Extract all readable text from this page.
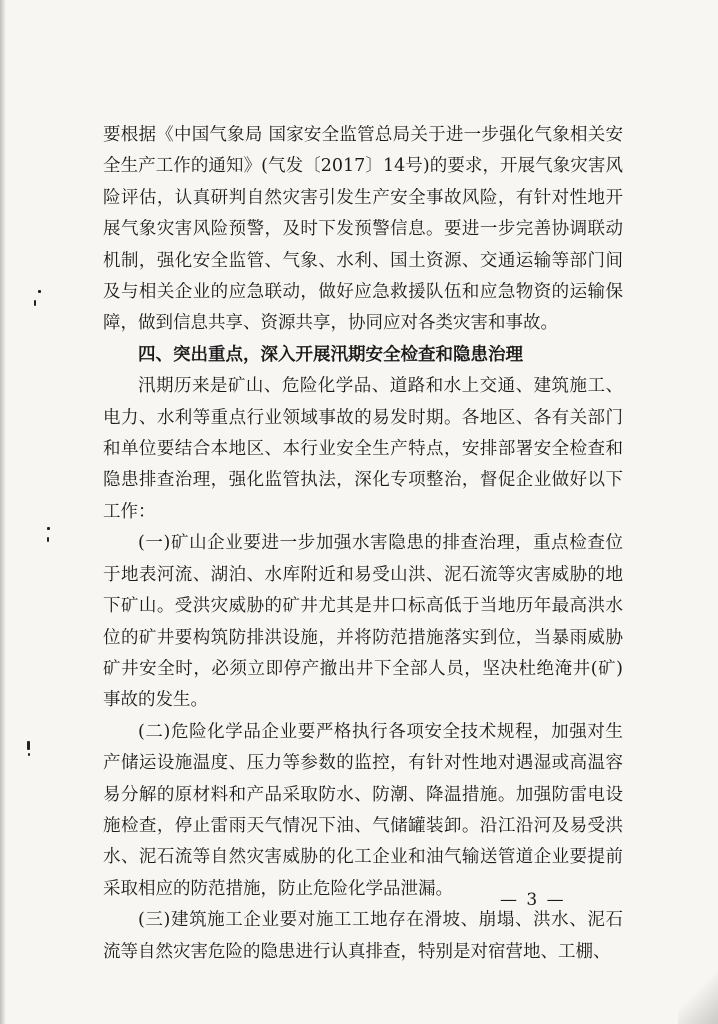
要根据《中国气象局 国家安全监管总局关于进一步强化气象相关安全生产工作的通知》(气发〔2017〕14号)的要求，开展气象灾害风险评估，认真研判自然灾害引发生产安全事故风险，有针对性地开展气象灾害风险预警，及时下发预警信息。要进一步完善协调联动机制，强化安全监管、气象、水利、国土资源、交通运输等部门间及与相关企业的应急联动，做好应急救援队伍和应急物资的运输保障，做到信息共享、资源共享，协同应对各类灾害和事故。

四、突出重点，深入开展汛期安全检查和隐患治理

汛期历来是矿山、危险化学品、道路和水上交通、建筑施工、电力、水利等重点行业领域事故的易发时期。各地区、各有关部门和单位要结合本地区、本行业安全生产特点，安排部署安全检查和隐患排查治理，强化监管执法，深化专项整治，督促企业做好以下工作：

(一)矿山企业要进一步加强水害隐患的排查治理，重点检查位于地表河流、湖泊、水库附近和易受山洪、泥石流等灾害威胁的地下矿山。受洪灾威胁的矿井尤其是井口标高低于当地历年最高洪水位的矿井要构筑防排洪设施，并将防范措施落实到位，当暴雨威胁矿井安全时，必须立即停产撤出井下全部人员，坚决杜绝淹井(矿)事故的发生。

(二)危险化学品企业要严格执行各项安全技术规程，加强对生产储运设施温度、压力等参数的监控，有针对性地对遇湿或高温容易分解的原材料和产品采取防水、防潮、降温措施。加强防雷电设施检查，停止雷雨天气情况下油、气储罐装卸。沿江沿河及易受洪水、泥石流等自然灾害威胁的化工企业和油气输送管道企业要提前采取相应的防范措施，防止危险化学品泄漏。

(三)建筑施工企业要对施工工地存在滑坡、崩塌、洪水、泥石流等自然灾害危险的隐患进行认真排查，特别是对宿营地、工棚、

— 3 —
